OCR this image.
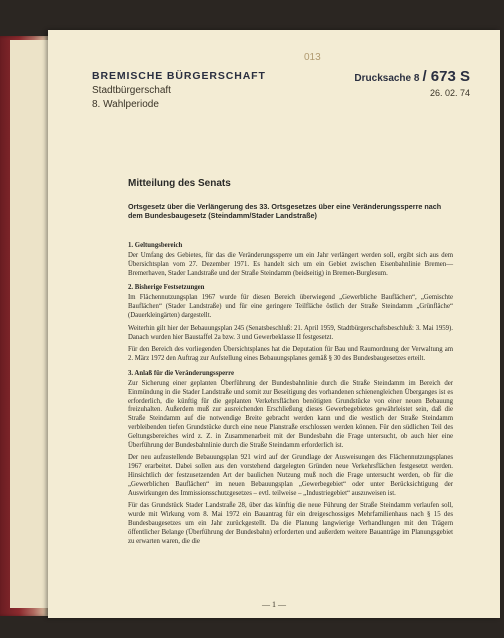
013
BREMISCHE BÜRGERSCHAFT
Stadtbürgerschaft
8. Wahlperiode
Drucksache 8 / 673 S
26. 02. 74
Mitteilung des Senats
Ortsgesetz über die Verlängerung des 33. Ortsgesetzes über eine Veränderungssperre nach dem Bundesbaugesetz (Steindamm/Stader Landstraße)
1. Geltungsbereich

Der Umfang des Gebietes, für das die Veränderungssperre um ein Jahr verlängert werden soll, ergibt sich aus dem Übersichtsplan vom 27. Dezember 1971. Es handelt sich um ein Gebiet zwischen Eisenbahnlinie Bremen—Bremerhaven, Stader Landstraße und der Straße Steindamm (beidseitig) in Bremen-Burglesum.

2. Bisherige Festsetzungen

Im Flächennutzungsplan 1967 wurde für diesen Bereich überwiegend „Gewerbliche Bauflächen“, „Gemischte Bauflächen“ (Stader Landstraße) und für eine geringere Teilfläche östlich der Straße Steindamm „Grünfläche“ (Dauerkleingärten) dargestellt.

Weiterhin gilt hier der Bebauungsplan 245 (Senatsbeschluß: 21. April 1959, Stadtbürgerschaftsbeschluß: 3. Mai 1959). Danach wurden hier Baustaffel 2a bzw. 3 und Gewerbeklasse II festgesetzt.

Für den Bereich des vorliegenden Übersichtsplanes hat die Deputation für Bau und Raumordnung der Verwaltung am 2. März 1972 den Auftrag zur Aufstellung eines Bebauungsplanes gemäß § 30 des Bundesbaugesetzes erteilt.

3. Anlaß für die Veränderungssperre

Zur Sicherung einer geplanten Überführung der Bundesbahnlinie durch die Straße Steindamm im Bereich der Einmündung in die Stader Landstraße und somit zur Beseitigung des vorhandenen schienengleichen Überganges ist es erforderlich, die künftig für die geplanten Verkehrsflächen benötigten Grundstücke von einer neuen Bebauung freizuhalten. Außerdem muß zur ausreichenden Erschließung dieses Gewerbegebietes gewährleistet sein, daß die Straße Steindamm auf die notwendige Breite gebracht werden kann und die westlich der Straße Steindamm verbleibenden tiefen Grundstücke durch eine neue Planstraße erschlossen werden können. Für den südlichen Teil des Geltungsbereiches wird z. Z. in Zusammenarbeit mit der Bundesbahn die Frage untersucht, ob auch hier eine Überführung der Bundesbahnlinie durch die Straße Steindamm erforderlich ist.

Der neu aufzustellende Bebauungsplan 921 wird auf der Grundlage der Ausweisungen des Flächennutzungsplanes 1967 erarbeitet. Dabei sollen aus den vorstehend dargelegten Gründen neue Verkehrsflächen festgesetzt werden. Hinsichtlich der festzusetzenden Art der baulichen Nutzung muß noch die Frage untersucht werden, ob für die „Gewerblichen Bauflächen“ im neuen Bebauungsplan „Gewerbegebiet“ oder unter Berücksichtigung der Auswirkungen des Immissionsschutzgesetzes – evtl. teilweise – „Industriegebiet“ auszuweisen ist.

Für das Grundstück Stader Landstraße 28, über das künftig die neue Führung der Straße Steindamm verlaufen soll, wurde mit Wirkung vom 8. Mai 1972 ein Bauantrag für ein dreigeschossiges Mehrfamilienhaus nach § 15 des Bundesbaugesetzes um ein Jahr zurückgestellt. Da die Planung langwierige Verhandlungen mit den Trägern öffentlicher Belange (Überführung der Bundesbahn) erforderten und außerdem weitere Bauanträge im Planungsgebiet zu erwarten waren, die die

— 1 —
